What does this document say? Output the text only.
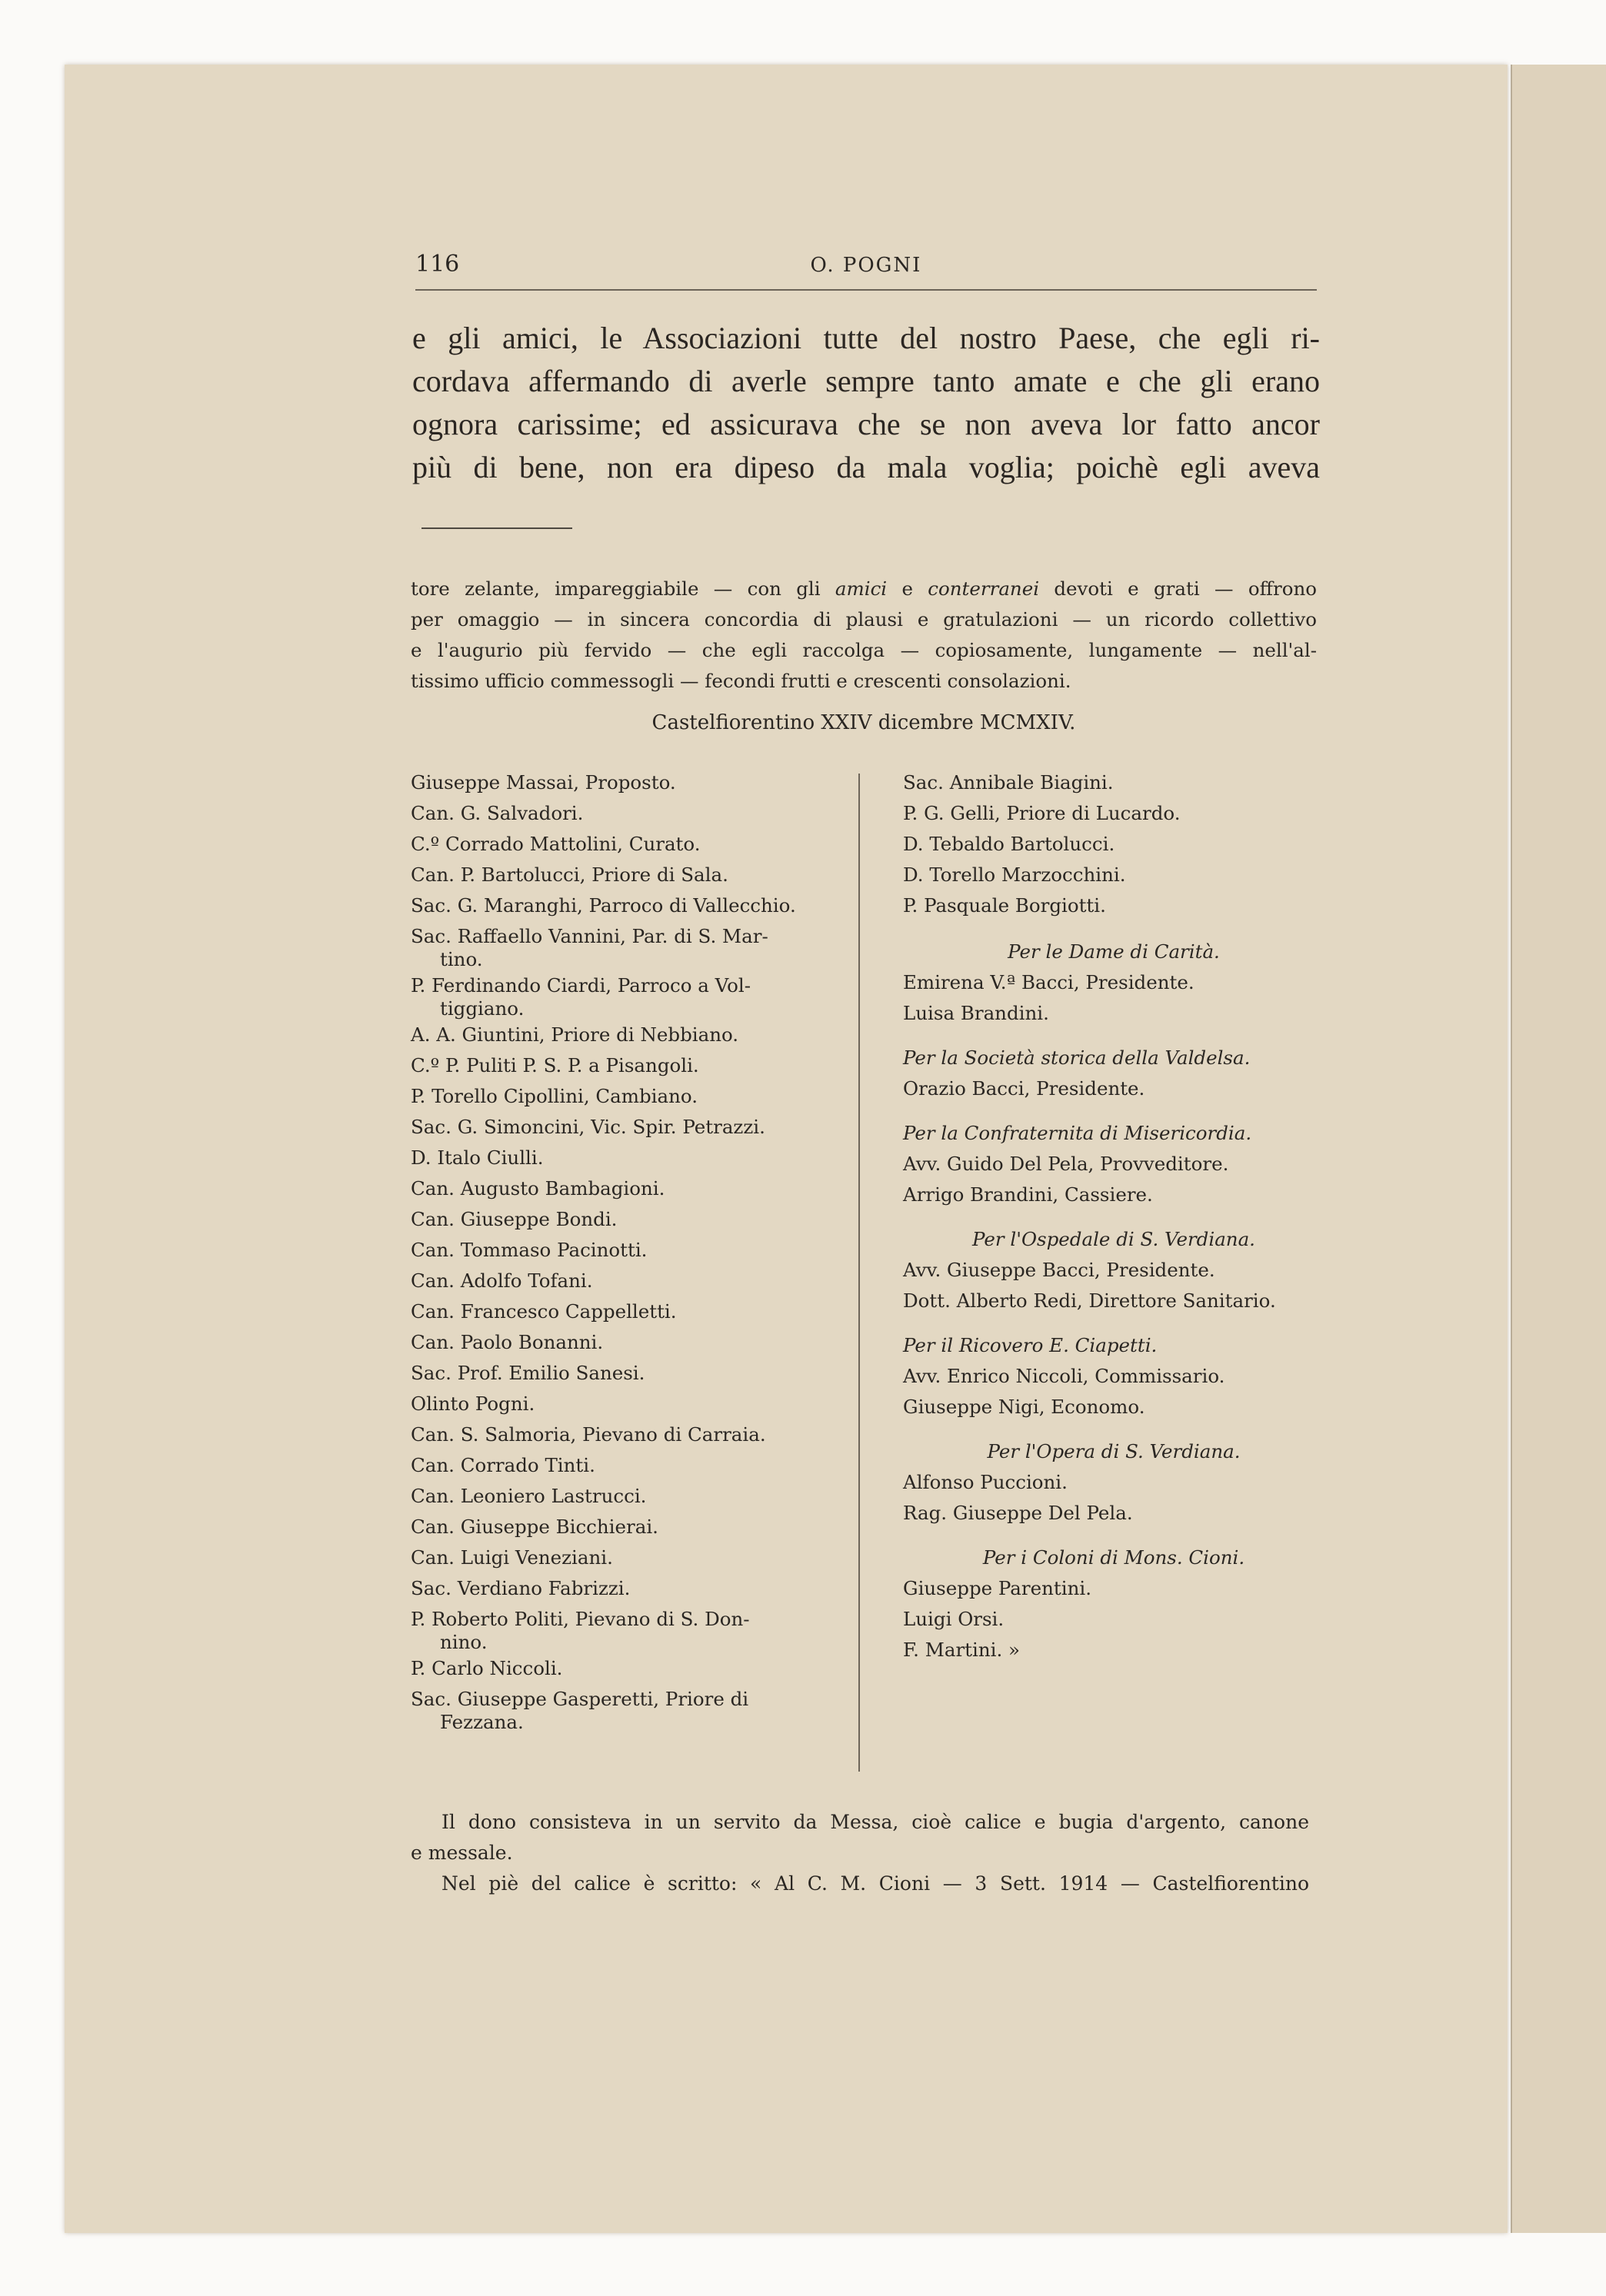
116	O. POGNI
e gli amici, le Associazioni tutte del nostro Paese, che egli ri-
cordava affermando di averle sempre tanto amate e che gli erano
ognora carissime; ed assicurava che se non aveva lor fatto ancor
più di bene, non era dipeso da mala voglia; poichè egli aveva
tore zelante, impareggiabile — con gli amici e conterranei devoti e grati — offrono
per omaggio — in sincera concordia di plausi e gratulazioni — un ricordo collettivo
e l'augurio più fervido — che egli raccolga — copiosamente, lungamente — nell'al-
tissimo ufficio commessogli — fecondi frutti e crescenti consolazioni.
Castelfiorentino XXIV dicembre MCMXIV.
Giuseppe Massai, Proposto.
Can. G. Salvadori.
C.º Corrado Mattolini, Curato.
Can. P. Bartolucci, Priore di Sala.
Sac. G. Maranghi, Parroco di Vallecchio.
Sac. Raffaello Vannini, Par. di S. Mar-
tino.
P. Ferdinando Ciardi, Parroco a Vol-
tiggiano.
A. A. Giuntini, Priore di Nebbiano.
C.º P. Puliti P. S. P. a Pisangoli.
P. Torello Cipollini, Cambiano.
Sac. G. Simoncini, Vic. Spir. Petrazzi.
D. Italo Ciulli.
Can. Augusto Bambagioni.
Can. Giuseppe Bondi.
Can. Tommaso Pacinotti.
Can. Adolfo Tofani.
Can. Francesco Cappelletti.
Can. Paolo Bonanni.
Sac. Prof. Emilio Sanesi.
Olinto Pogni.
Can. S. Salmoria, Pievano di Carraia.
Can. Corrado Tinti.
Can. Leoniero Lastrucci.
Can. Giuseppe Bicchierai.
Can. Luigi Veneziani.
Sac. Verdiano Fabrizzi.
P. Roberto Politi, Pievano di S. Don-
nino.
P. Carlo Niccoli.
Sac. Giuseppe Gasperetti, Priore di
Fezzana.
Sac. Annibale Biagini.
P. G. Gelli, Priore di Lucardo.
D. Tebaldo Bartolucci.
D. Torello Marzocchini.
P. Pasquale Borgiotti.
Per le Dame di Carità.
Emirena V.ª Bacci, Presidente.
Luisa Brandini.
Per la Società storica della Valdelsa.
Orazio Bacci, Presidente.
Per la Confraternita di Misericordia.
Avv. Guido Del Pela, Provveditore.
Arrigo Brandini, Cassiere.
Per l'Ospedale di S. Verdiana.
Avv. Giuseppe Bacci, Presidente.
Dott. Alberto Redi, Direttore Sanitario.
Per il Ricovero E. Ciapetti.
Avv. Enrico Niccoli, Commissario.
Giuseppe Nigi, Economo.
Per l'Opera di S. Verdiana.
Alfonso Puccioni.
Rag. Giuseppe Del Pela.
Per i Coloni di Mons. Cioni.
Giuseppe Parentini.
Luigi Orsi.
F. Martini. »
Il dono consisteva in un servito da Messa, cioè calice e bugia d'argento, canone
e messale.
Nel piè del calice è scritto: « Al C. M. Cioni — 3 Sett. 1914 — Castelfiorentino
